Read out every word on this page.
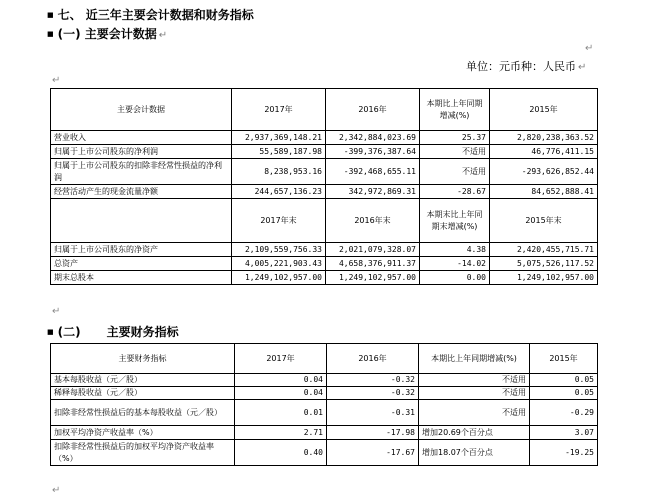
■ 七、 近三年主要会计数据和财务指标
■ (一) 主要会计数据 ↵
↵
单位：元币种：人民币 ↵
↵
主要会计数据	2017年	2016年	本期比上年同期增减(%)	2015年
营业收入	2,937,369,148.21	2,342,884,023.69	25.37	2,820,238,363.52
归属于上市公司股东的净利润	55,589,187.98	-399,376,387.64	不适用	46,776,411.15
归属于上市公司股东的扣除非经常性损益的净利润	8,238,953.16	-392,468,655.11	不适用	-293,626,852.44
经营活动产生的现金流量净额	244,657,136.23	342,972,869.31	-28.67	84,652,888.41
	2017年末	2016年末	本期末比上年同期末增减(%)	2015年末
归属于上市公司股东的净资产	2,109,559,756.33	2,021,079,328.07	4.38	2,420,455,715.71
总资产	4,005,221,903.43	4,658,376,911.37	-14.02	5,075,526,117.52
期末总股本	1,249,102,957.00	1,249,102,957.00	0.00	1,249,102,957.00
↵
■ (二) 主要财务指标
主要财务指标	2017年	2016年	本期比上年同期增减(%)	2015年
基本每股收益（元／股）	0.04	-0.32	不适用	0.05
稀释每股收益（元／股）	0.04	-0.32	不适用	0.05
扣除非经常性损益后的基本每股收益（元／股）	0.01	-0.31	不适用	-0.29
加权平均净资产收益率（%）	2.71	-17.98	增加20.69个百分点	3.07
扣除非经常性损益后的加权平均净资产收益率（%）	0.40	-17.67	增加18.07个百分点	-19.25
↵
